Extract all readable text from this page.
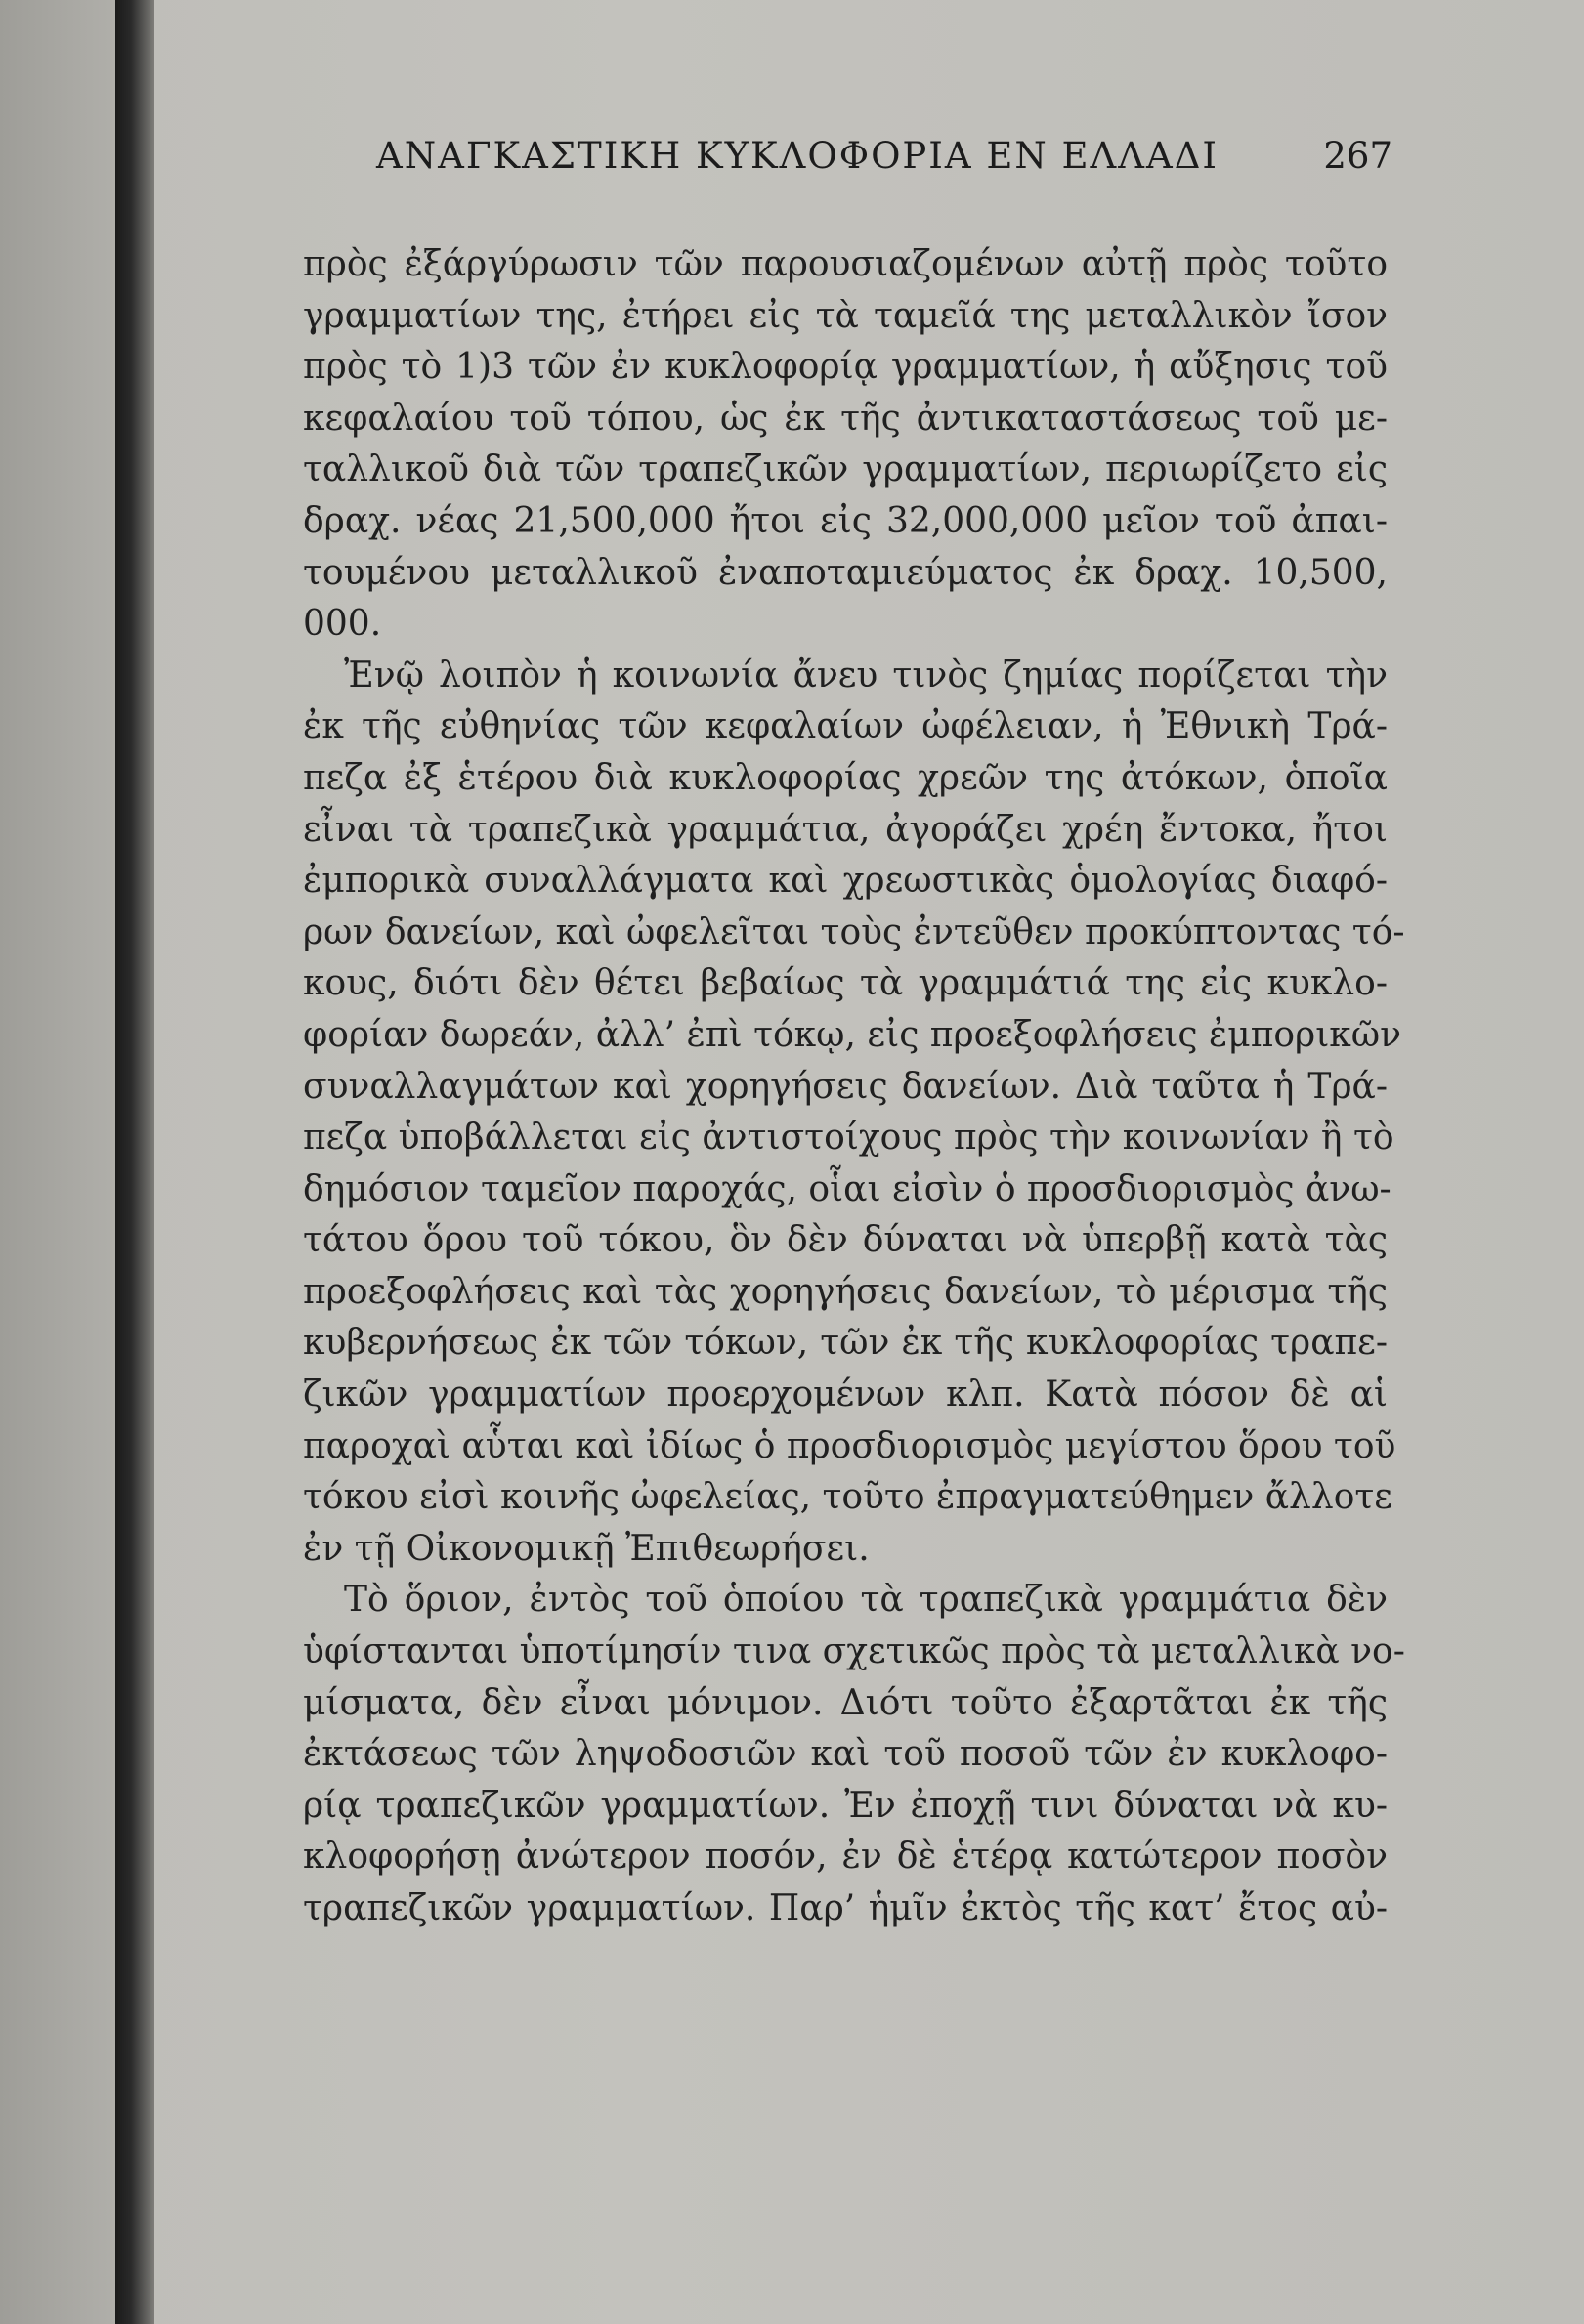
ΑΝΑΓΚΑΣΤΙΚΗ ΚΥΚΛΟΦΟΡΙΑ ΕΝ ΕΛΛΑΔΙ	267
πρὸς ἐξάργύρωσιν τῶν παρουσιαζομένων αὐτῇ πρὸς τοῦτο
γραμματίων της, ἐτήρει εἰς τὰ ταμεῖά της μεταλλικὸν ἴσον
πρὸς τὸ 1)3 τῶν ἐν κυκλοφορίᾳ γραμματίων, ἡ αὔξησις τοῦ
κεφαλαίου τοῦ τόπου, ὡς ἐκ τῆς ἀντικαταστάσεως τοῦ με-
ταλλικοῦ διὰ τῶν τραπεζικῶν γραμματίων, περιωρίζετο εἰς
δραχ. νέας 21,500,000 ἤτοι εἰς 32,000,000 μεῖον τοῦ ἀπαι-
τουμένου μεταλλικοῦ ἐναποταμιεύματος ἐκ δραχ. 10,500,
000.
Ἐνῷ λοιπὸν ἡ κοινωνία ἄνευ τινὸς ζημίας πορίζεται τὴν
ἐκ τῆς εὐθηνίας τῶν κεφαλαίων ὠφέλειαν, ἡ Ἐθνικὴ Τρά-
πεζα ἐξ ἑτέρου διὰ κυκλοφορίας χρεῶν της ἀτόκων, ὁποῖα
εἶναι τὰ τραπεζικὰ γραμμάτια, ἀγοράζει χρέη ἔντοκα, ἤτοι
ἐμπορικὰ συναλλάγματα καὶ χρεωστικὰς ὁμολογίας διαφό-
ρων δανείων, καὶ ὠφελεῖται τοὺς ἐντεῦθεν προκύπτοντας τό-
κους, διότι δὲν θέτει βεβαίως τὰ γραμμάτιά της εἰς κυκλο-
φορίαν δωρεάν, ἀλλ’ ἐπὶ τόκῳ, εἰς προεξοφλήσεις ἐμπορικῶν
συναλλαγμάτων καὶ χορηγήσεις δανείων. Διὰ ταῦτα ἡ Τρά-
πεζα ὑποβάλλεται εἰς ἀντιστοίχους πρὸς τὴν κοινωνίαν ἢ τὸ
δημόσιον ταμεῖον παροχάς, οἷαι εἰσὶν ὁ προσδιορισμὸς ἀνω-
τάτου ὅρου τοῦ τόκου, ὃν δὲν δύναται νὰ ὑπερβῇ κατὰ τὰς
προεξοφλήσεις καὶ τὰς χορηγήσεις δανείων, τὸ μέρισμα τῆς
κυβερνήσεως ἐκ τῶν τόκων, τῶν ἐκ τῆς κυκλοφορίας τραπε-
ζικῶν γραμματίων προερχομένων κλπ. Κατὰ πόσον δὲ αἱ
παροχαὶ αὗται καὶ ἰδίως ὁ προσδιορισμὸς μεγίστου ὅρου τοῦ
τόκου εἰσὶ κοινῆς ὠφελείας, τοῦτο ἐπραγματεύθημεν ἄλλοτε
ἐν τῇ Οἰκονομικῇ Ἐπιθεωρήσει.
Τὸ ὅριον, ἐντὸς τοῦ ὁποίου τὰ τραπεζικὰ γραμμάτια δὲν
ὑφίστανται ὑποτίμησίν τινα σχετικῶς πρὸς τὰ μεταλλικὰ νο-
μίσματα, δὲν εἶναι μόνιμον. Διότι τοῦτο ἐξαρτᾶται ἐκ τῆς
ἐκτάσεως τῶν ληψοδοσιῶν καὶ τοῦ ποσοῦ τῶν ἐν κυκλοφο-
ρίᾳ τραπεζικῶν γραμματίων. Ἐν ἐποχῇ τινι δύναται νὰ κυ-
κλοφορήσῃ ἀνώτερον ποσόν, ἐν δὲ ἑτέρᾳ κατώτερον ποσὸν
τραπεζικῶν γραμματίων. Παρ’ ἡμῖν ἐκτὸς τῆς κατ’ ἔτος αὐ-
